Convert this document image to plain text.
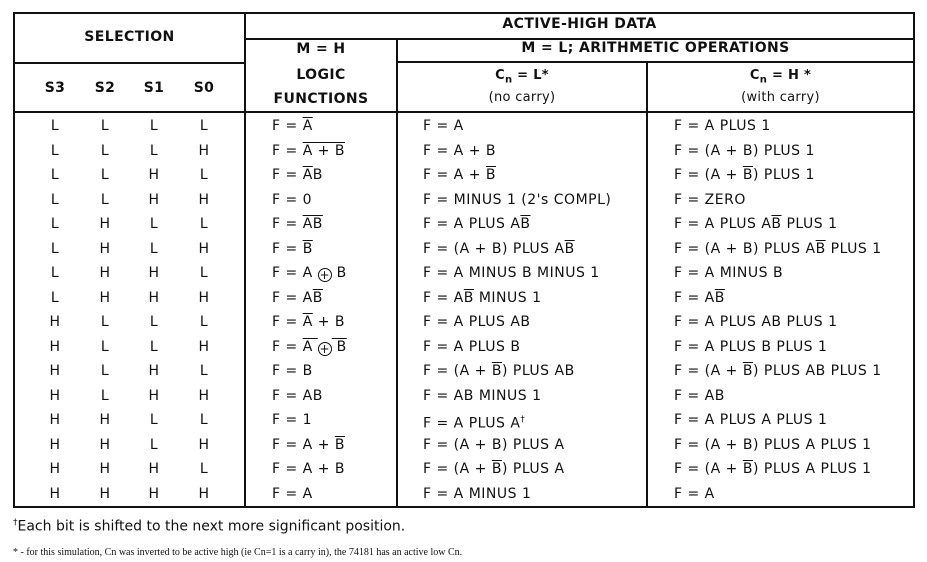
SELECTION
ACTIVE-HIGH DATA
M = H	M = L; ARITHMETIC OPERATIONS
S3 S2 S1 S0
LOGIC
FUNCTIONS
$C_n = L*$
(no carry)
$C_n = H$ *
(with carry)
L	L	L	L	$F = \overline{A}$	F = A	F = A PLUS 1
L	L	L	H	F = A + B	F = A + B	F = (A + B) PLUS 1
L	L	H	L	$F = \overline{A}B$	$F = A + \overline{B}$	$F = (A + \overline{B})$ PLUS 1
L	L	H	H	F = 0	F = MINUS 1 (2's COMPL)	F = ZERO
L	H	L	L	$F = \overline{AB}$	F = A PLUS $A\overline{B}$	F = A PLUS $A\overline{B}$ PLUS 1
L	H	L	H	$F = \overline{B}$	F = (A + B) PLUS $A\overline{B}$	F = (A + B) PLUS $A\overline{B}$ PLUS 1
L	H	H	L	F = A + B	F = A MINUS B MINUS 1	F = A MINUS B
L	H	H	H	$F = A\overline{B}$	$F = A\overline{B}$ MINUS 1	$F = A\overline{B}$
H	L	L	L	$F = \overline{A} + B$	F = A PLUS AB	F = A PLUS AB PLUS 1
H	L	L	H	F = A + B	F = A PLUS B	F = A PLUS B PLUS 1
H	L	H	L	F = B	$F = (A + \overline{B})$ PLUS AB	$F = (A + \overline{B})$ PLUS AB PLUS 1
H	L	H	H	F = AB	F = AB MINUS 1	F = AB
H	H	L	L	F = 1	F = A PLUS A†	F = A PLUS A PLUS 1
H	H	L	H	$F = A + \overline{B}$	F = (A + B) PLUS A	F = (A + B) PLUS A PLUS 1
H	H	H	L	F = A + B	$F = (A + \overline{B})$ PLUS A	$F = (A + \overline{B})$ PLUS A PLUS 1
H	H	H	H	F = A	F = A MINUS 1	F = A
†Each bit is shifted to the next more significant position.
* - for this simulation, Cn was inverted to be active high (ie Cn=1 is a carry in), the 74181 has an active low Cn.
